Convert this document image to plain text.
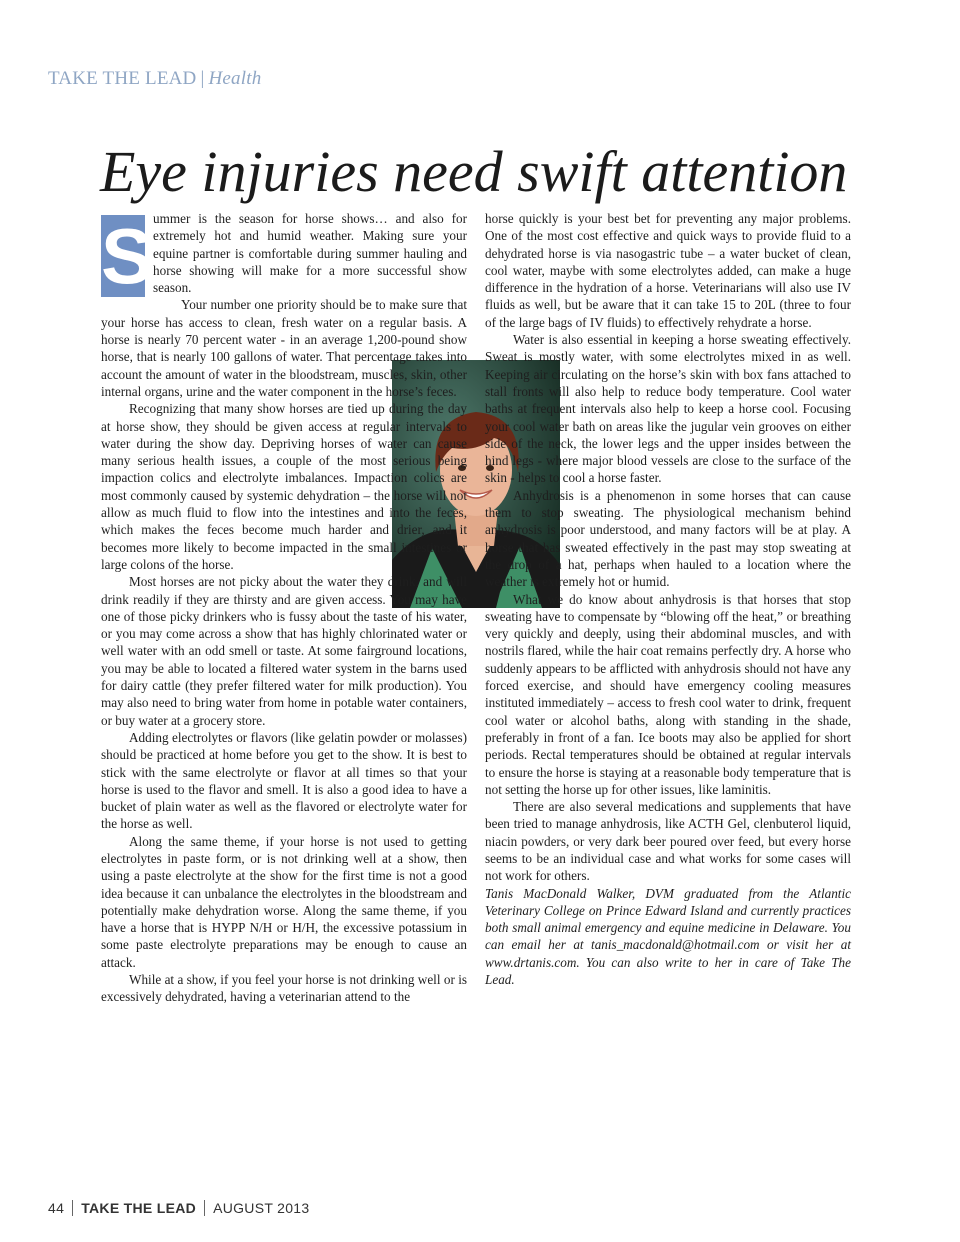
TAKE THE LEAD | Health
Eye injuries need swift attention
S ummer is the season for horse shows… and also for extremely hot and humid weather. Making sure your equine partner is comfortable during summer hauling and horse showing will make for a more successful show season.

Your number one priority should be to make sure that your horse has access to clean, fresh water on a regular basis. A horse is nearly 70 percent water - in an average 1,200-pound show horse, that is nearly 100 gallons of water. That percentage takes into account the amount of water in the bloodstream, muscles, skin, other internal organs, urine and the water component in the horse’s feces.

Recognizing that many show horses are tied up during the day at horse show, they should be given access at regular intervals to water during the show day. Depriving horses of water can cause many serious health issues, a couple of the most serious being impaction colics and electrolyte imbalances. Impaction colics are most commonly caused by systemic dehydration – the horse will not allow as much fluid to flow into the intestines and into the feces, which makes the feces become much harder and drier, and it becomes more likely to become impacted in the small intestines or large colons of the horse.

Most horses are not picky about the water they drink, and will drink readily if they are thirsty and are given access. You may have one of those picky drinkers who is fussy about the taste of his water, or you may come across a show that has highly chlorinated water or well water with an odd smell or taste. At some fairground locations, you may be able to located a filtered water system in the barns used for dairy cattle (they prefer filtered water for milk production). You may also need to bring water from home in potable water containers, or buy water at a grocery store.

Adding electrolytes or flavors (like gelatin powder or molasses) should be practiced at home before you get to the show. It is best to stick with the same electrolyte or flavor at all times so that your horse is used to the flavor and smell. It is also a good idea to have a bucket of plain water as well as the flavored or electrolyte water for the horse as well.

Along the same theme, if your horse is not used to getting electrolytes in paste form, or is not drinking well at a show, then using a paste electrolyte at the show for the first time is not a good idea because it can unbalance the electrolytes in the bloodstream and potentially make dehydration worse. Along the same theme, if you have a horse that is HYPP N/H or H/H, the excessive potassium in some paste electrolyte preparations may be enough to cause an attack.

While at a show, if you feel your horse is not drinking well or is excessively dehydrated, having a veterinarian attend to the

horse quickly is your best bet for preventing any major problems. One of the most cost effective and quick ways to provide fluid to a dehydrated horse is via nasogastric tube – a water bucket of clean, cool water, maybe with some electrolytes added, can make a huge difference in the hydration of a horse. Veterinarians will also use IV fluids as well, but be aware that it can take 15 to 20L (three to four of the large bags of IV fluids) to effectively rehydrate a horse.

Water is also essential in keeping a horse sweating effectively. Sweat is mostly water, with some electrolytes mixed in as well. Keeping air circulating on the horse’s skin with box fans attached to stall fronts will also help to reduce body temperature. Cool water baths at frequent intervals also help to keep a horse cool. Focusing your cool water bath on areas like the jugular vein grooves on either side of the neck, the lower legs and the upper insides between the hind legs - where major blood vessels are close to the surface of the skin - helps to cool a horse faster.

Anhydrosis is a phenomenon in some horses that can cause them to stop sweating. The physiological mechanism behind anhydrosis is poor understood, and many factors will be at play. A horse that has sweated effectively in the past may stop sweating at the drop of a hat, perhaps when hauled to a location where the weather is extremely hot or humid.

What we do know about anhydrosis is that horses that stop sweating have to compensate by “blowing off the heat,” or breathing very quickly and deeply, using their abdominal muscles, and with nostrils flared, while the hair coat remains perfectly dry. A horse who suddenly appears to be afflicted with anhydrosis should not have any forced exercise, and should have emergency cooling measures instituted immediately – access to fresh cool water to drink, frequent cool water or alcohol baths, along with standing in the shade, preferably in front of a fan. Ice boots may also be applied for short periods. Rectal temperatures should be obtained at regular intervals to ensure the horse is staying at a reasonable body temperature that is not setting the horse up for other issues, like laminitis.

There are also several medications and supplements that have been tried to manage anhydrosis, like ACTH Gel, clenbuterol liquid, niacin powders, or very dark beer poured over feed, but every horse seems to be an individual case and what works for some cases will not work for others.

Tanis MacDonald Walker, DVM graduated from the Atlantic Veterinary College on Prince Edward Island and currently practices both small animal emergency and equine medicine in Delaware. You can email her at tanis_macdonald@hotmail.com or visit her at www.drtanis.com. You can also write to her in care of Take The Lead.

44 TAKE THE LEAD AUGUST 2013
